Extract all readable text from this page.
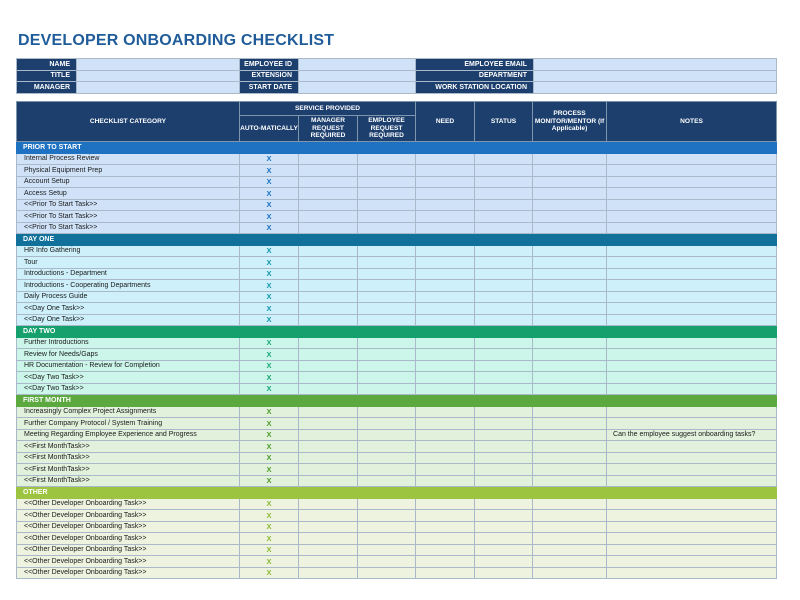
DEVELOPER ONBOARDING CHECKLIST
NAME		EMPLOYEE ID		EMPLOYEE EMAIL	
TITLE		EXTENSION		DEPARTMENT	
MANAGER		START DATE		WORK STATION LOCATION	
CHECKLIST CATEGORY	SERVICE PROVIDED			NEED	STATUS	PROCESS MONITOR/MENTOR (If Applicable)	NOTES
	AUTO-MATICALLY	MANAGER REQUEST REQUIRED	EMPLOYEE REQUEST REQUIRED				
PRIOR TO START							
Internal Process Review	X						
Physical Equipment Prep	X						
Account Setup	X						
Access Setup	X						
<<Prior To Start Task>>	X						
<<Prior To Start Task>>	X						
<<Prior To Start Task>>	X						
DAY ONE							
HR Info Gathering	X						
Tour	X						
Introductions - Department	X						
Introductions - Cooperating Departments	X						
Daily Process Guide	X						
<<Day One Task>>	X						
<<Day One Task>>	X						
DAY TWO							
Further Introductions	X						
Review for Needs/Gaps	X						
HR Documentation - Review for Completion	X						
<<Day Two Task>>	X						
<<Day Two Task>>	X						
FIRST MONTH							
Increasingly Complex Project Assignments	X						
Further Company Protocol / System Training	X						
Meeting Regarding Employee Experience and Progress	X						Can the employee suggest onboarding tasks?
<<First MonthTask>>	X						
<<First MonthTask>>	X						
<<First MonthTask>>	X						
<<First MonthTask>>	X						
OTHER							
<<Other Developer Onboarding Task>>	X						
<<Other Developer Onboarding Task>>	X						
<<Other Developer Onboarding Task>>	X						
<<Other Developer Onboarding Task>>	X						
<<Other Developer Onboarding Task>>	X						
<<Other Developer Onboarding Task>>	X						
<<Other Developer Onboarding Task>>	X						
